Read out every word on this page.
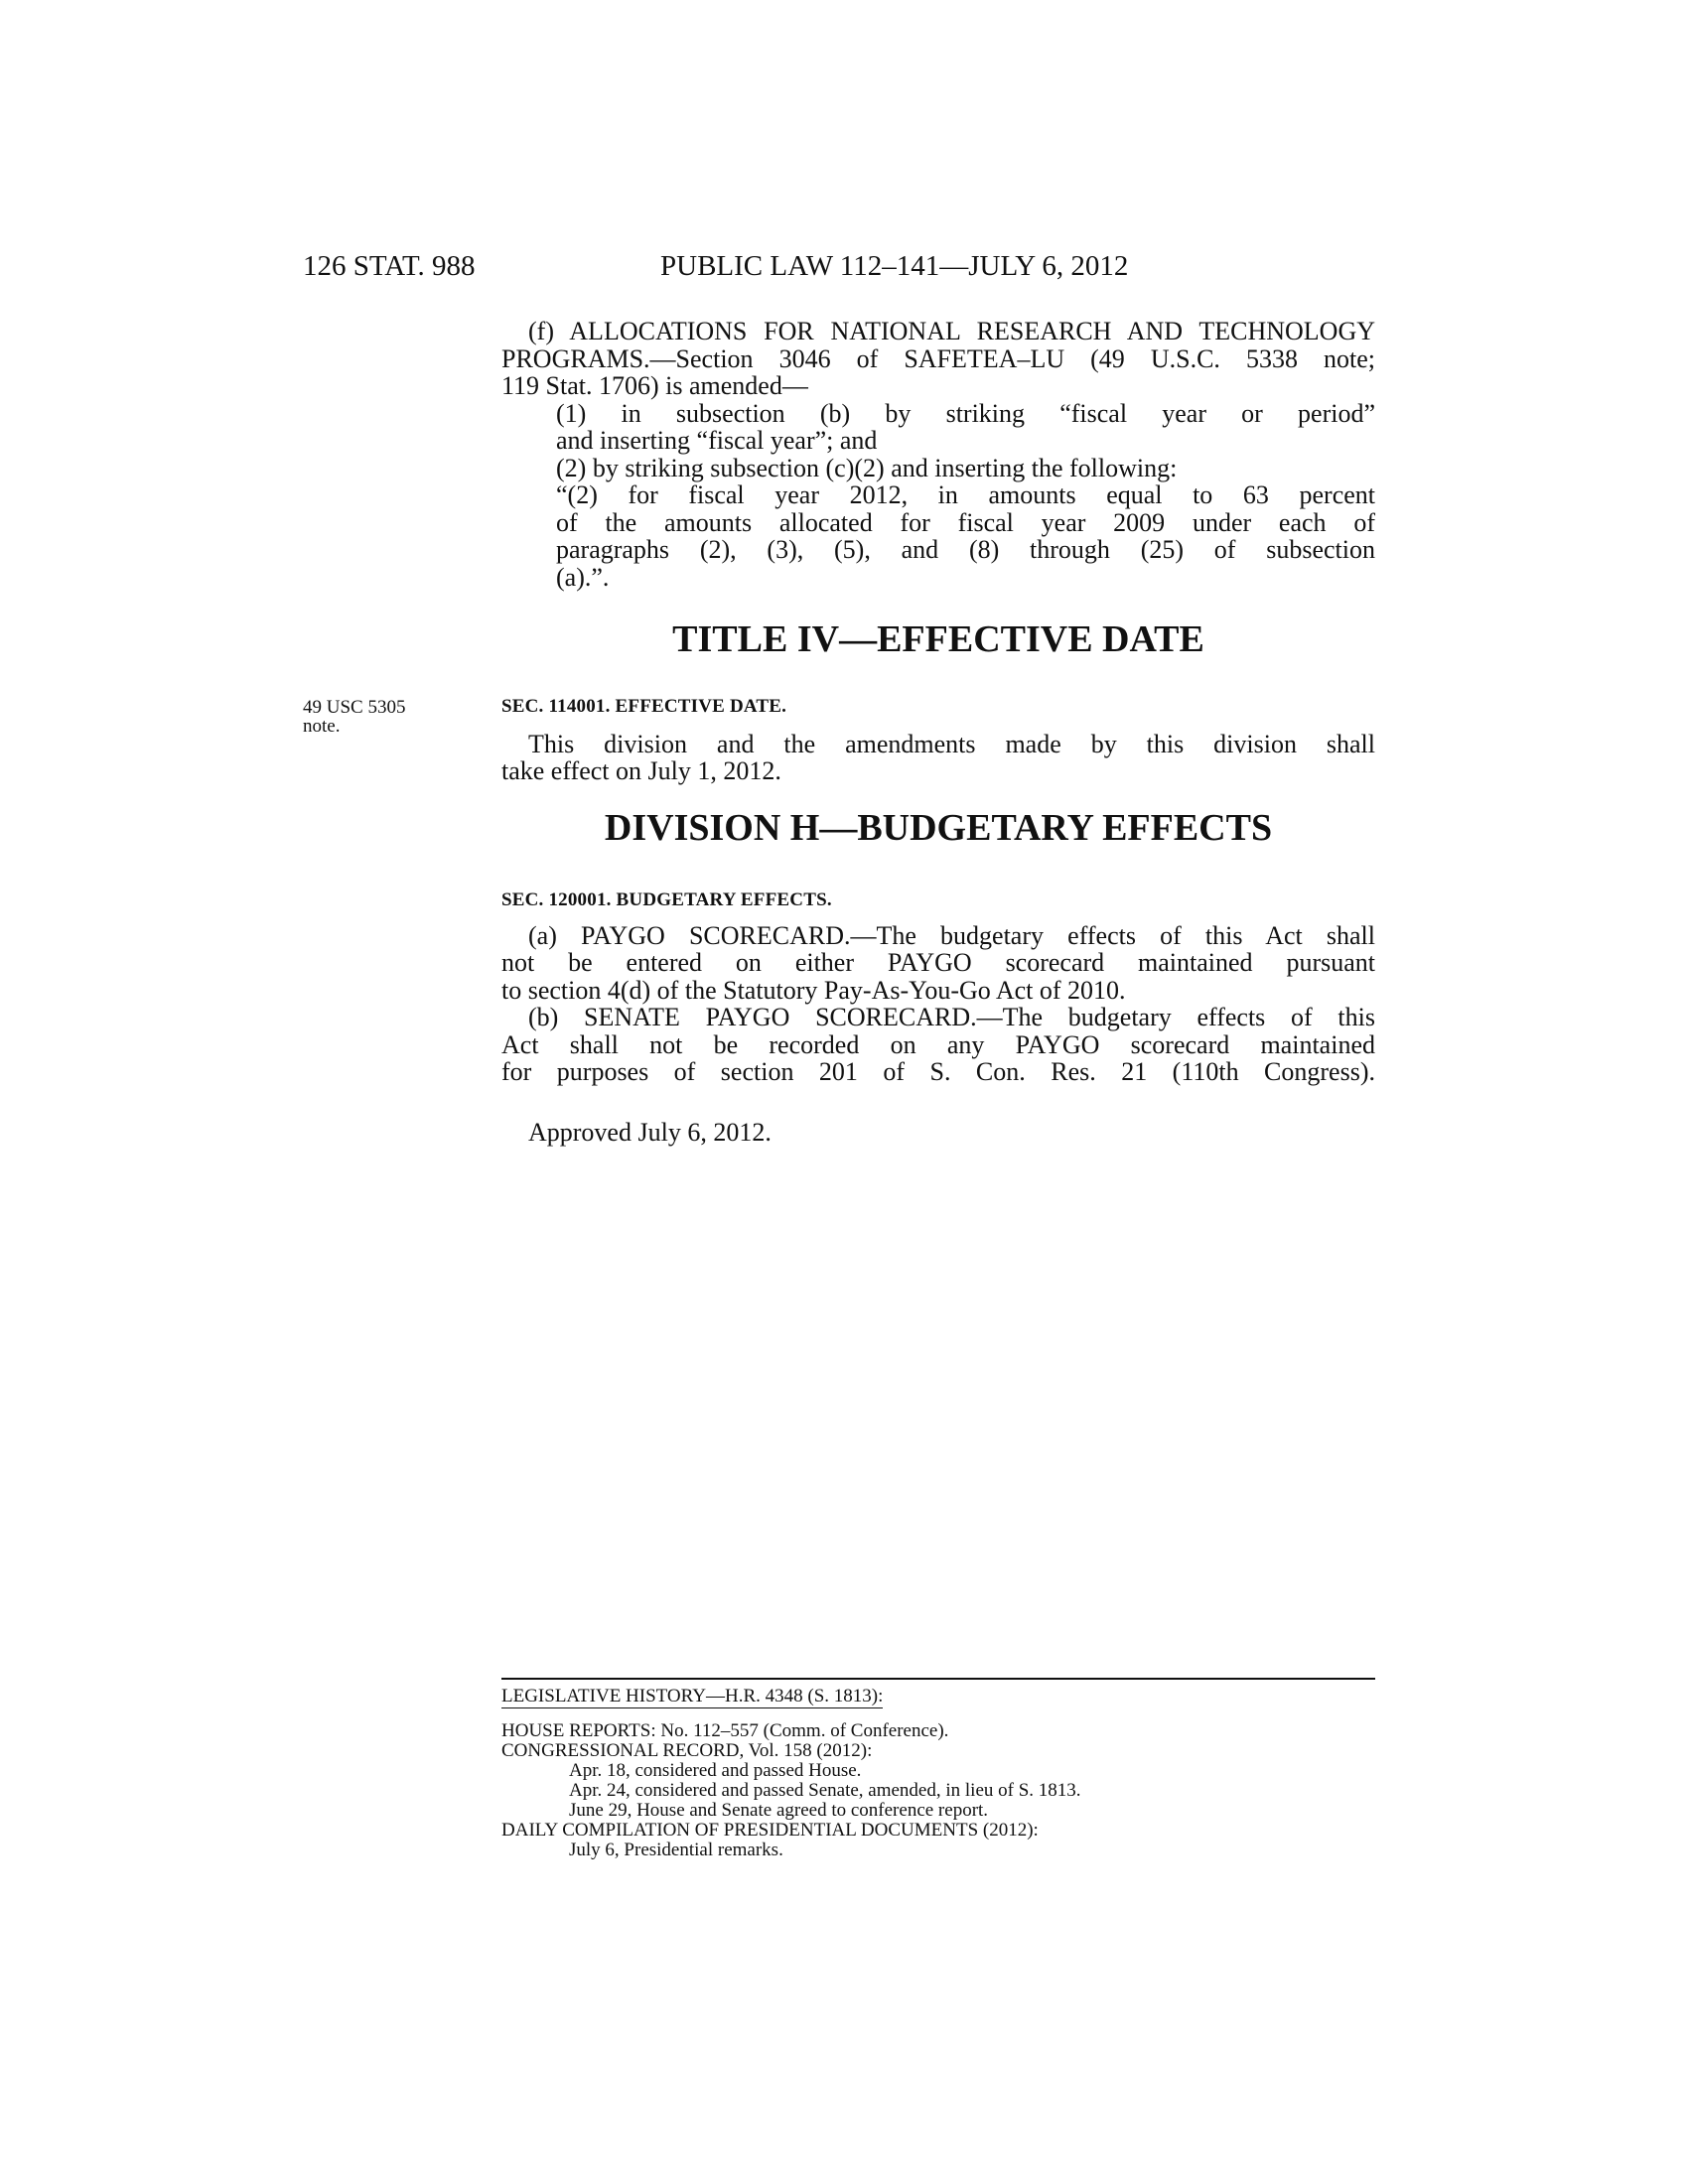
126 STAT. 988	PUBLIC LAW 112–141—JULY 6, 2012
(f) ALLOCATIONS FOR NATIONAL RESEARCH AND TECHNOLOGY
PROGRAMS.—Section 3046 of SAFETEA–LU (49 U.S.C. 5338 note;
119 Stat. 1706) is amended—
(1) in subsection (b) by striking “fiscal year or period”
and inserting “fiscal year”; and
(2) by striking subsection (c)(2) and inserting the following:
“(2) for fiscal year 2012, in amounts equal to 63 percent
of the amounts allocated for fiscal year 2009 under each of
paragraphs (2), (3), (5), and (8) through (25) of subsection
(a).”.
TITLE IV—EFFECTIVE DATE
49 USC 5305
note.
SEC. 114001. EFFECTIVE DATE.
This division and the amendments made by this division shall
take effect on July 1, 2012.
DIVISION H—BUDGETARY EFFECTS
SEC. 120001. BUDGETARY EFFECTS.
(a) PAYGO SCORECARD.—The budgetary effects of this Act shall
not be entered on either PAYGO scorecard maintained pursuant
to section 4(d) of the Statutory Pay-As-You-Go Act of 2010.
(b) SENATE PAYGO SCORECARD.—The budgetary effects of this
Act shall not be recorded on any PAYGO scorecard maintained
for purposes of section 201 of S. Con. Res. 21 (110th Congress).
Approved July 6, 2012.
LEGISLATIVE HISTORY—H.R. 4348 (S. 1813):
HOUSE REPORTS: No. 112–557 (Comm. of Conference).
CONGRESSIONAL RECORD, Vol. 158 (2012):
Apr. 18, considered and passed House.
Apr. 24, considered and passed Senate, amended, in lieu of S. 1813.
June 29, House and Senate agreed to conference report.
DAILY COMPILATION OF PRESIDENTIAL DOCUMENTS (2012):
July 6, Presidential remarks.
